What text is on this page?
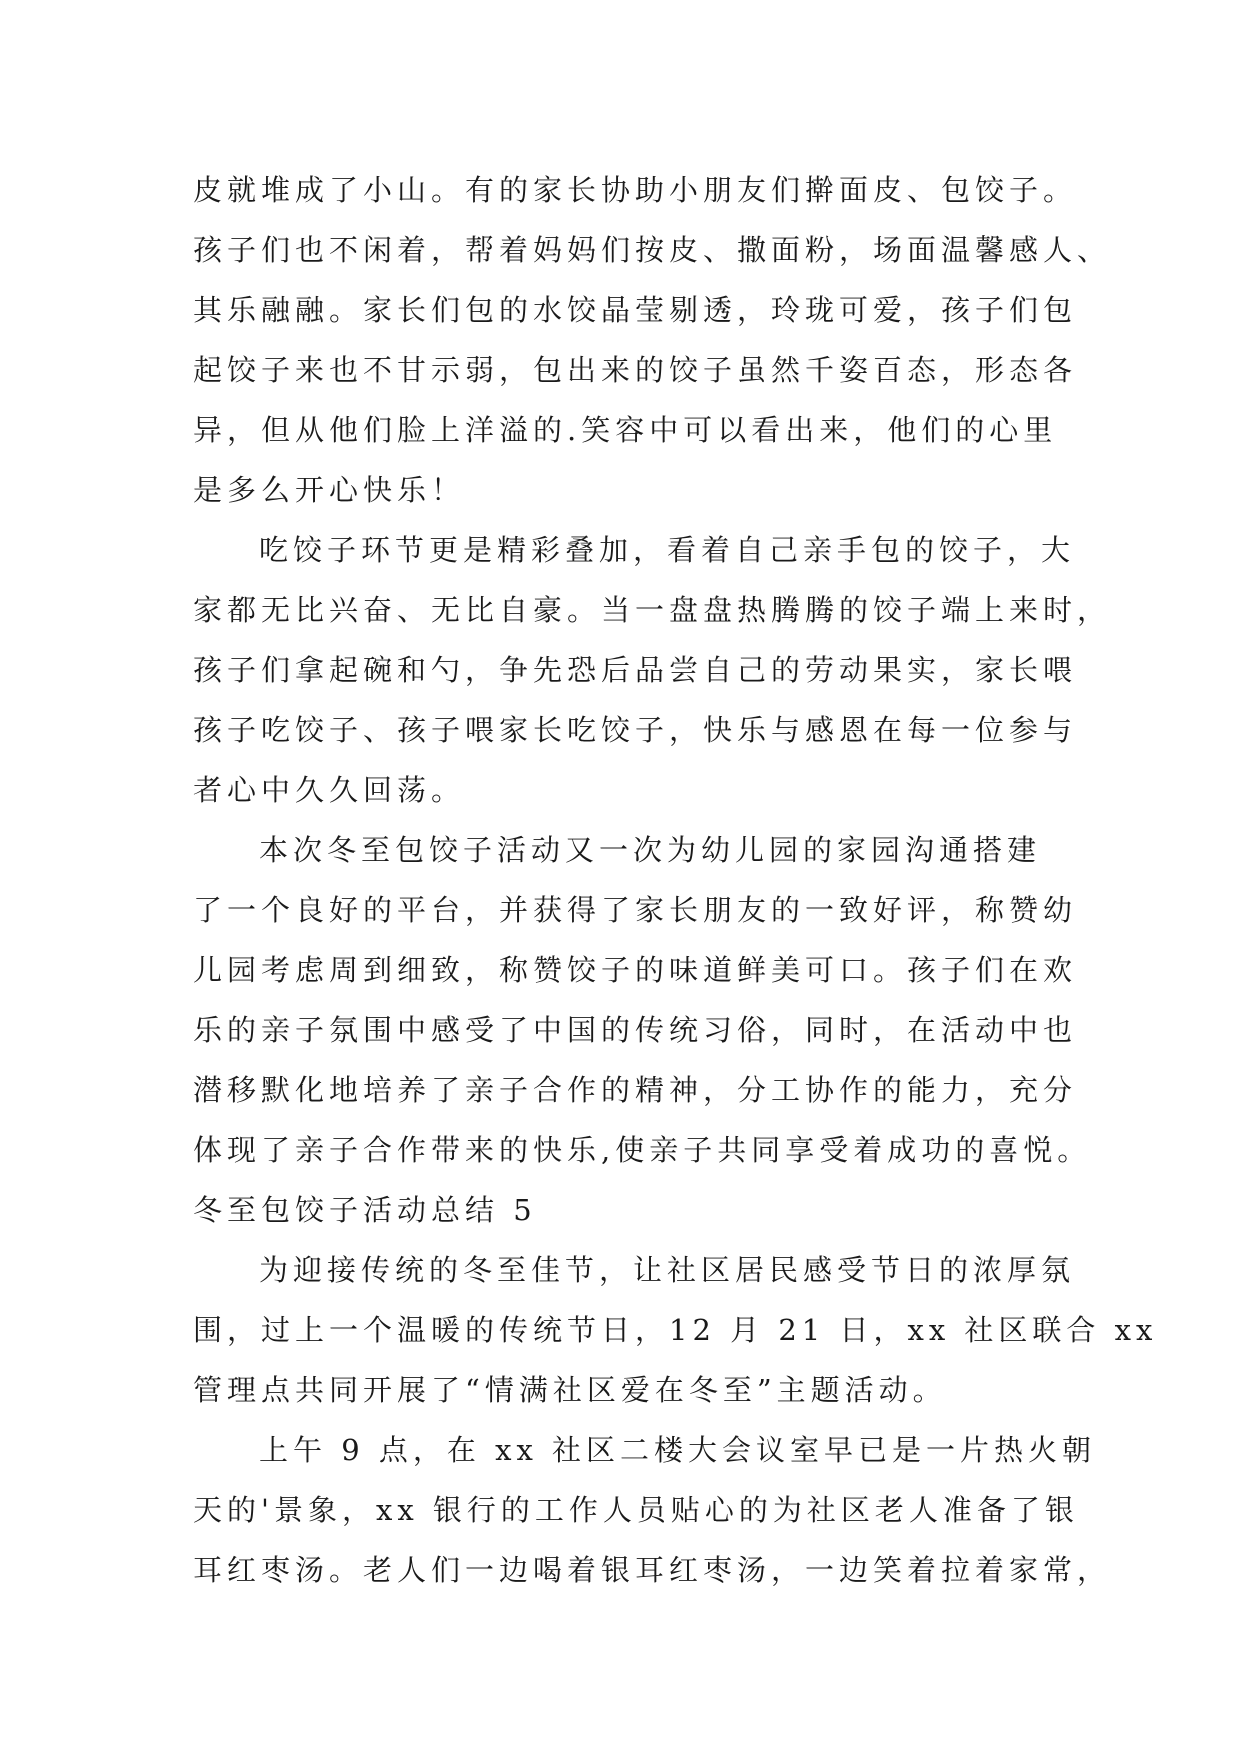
皮就堆成了小山。有的家长协助小朋友们擀面皮、包饺子。
孩子们也不闲着，帮着妈妈们按皮、撒面粉，场面温馨感人、
其乐融融。家长们包的水饺晶莹剔透，玲珑可爱，孩子们包
起饺子来也不甘示弱，包出来的饺子虽然千姿百态，形态各
异，但从他们脸上洋溢的.笑容中可以看出来，他们的心里
是多么开心快乐！
吃饺子环节更是精彩叠加，看着自己亲手包的饺子，大
家都无比兴奋、无比自豪。当一盘盘热腾腾的饺子端上来时，
孩子们拿起碗和勺，争先恐后品尝自己的劳动果实，家长喂
孩子吃饺子、孩子喂家长吃饺子，快乐与感恩在每一位参与
者心中久久回荡。
本次冬至包饺子活动又一次为幼儿园的家园沟通搭建
了一个良好的平台，并获得了家长朋友的一致好评，称赞幼
儿园考虑周到细致，称赞饺子的味道鲜美可口。孩子们在欢
乐的亲子氛围中感受了中国的传统习俗，同时，在活动中也
潜移默化地培养了亲子合作的精神，分工协作的能力，充分
体现了亲子合作带来的快乐,使亲子共同享受着成功的喜悦。
冬至包饺子活动总结 5
为迎接传统的冬至佳节，让社区居民感受节日的浓厚氛
围，过上一个温暖的传统节日，12 月 21 日，xx 社区联合 xx
管理点共同开展了“情满社区爱在冬至”主题活动。
上午 9 点，在 xx 社区二楼大会议室早已是一片热火朝
天的'景象，xx 银行的工作人员贴心的为社区老人准备了银
耳红枣汤。老人们一边喝着银耳红枣汤，一边笑着拉着家常，
